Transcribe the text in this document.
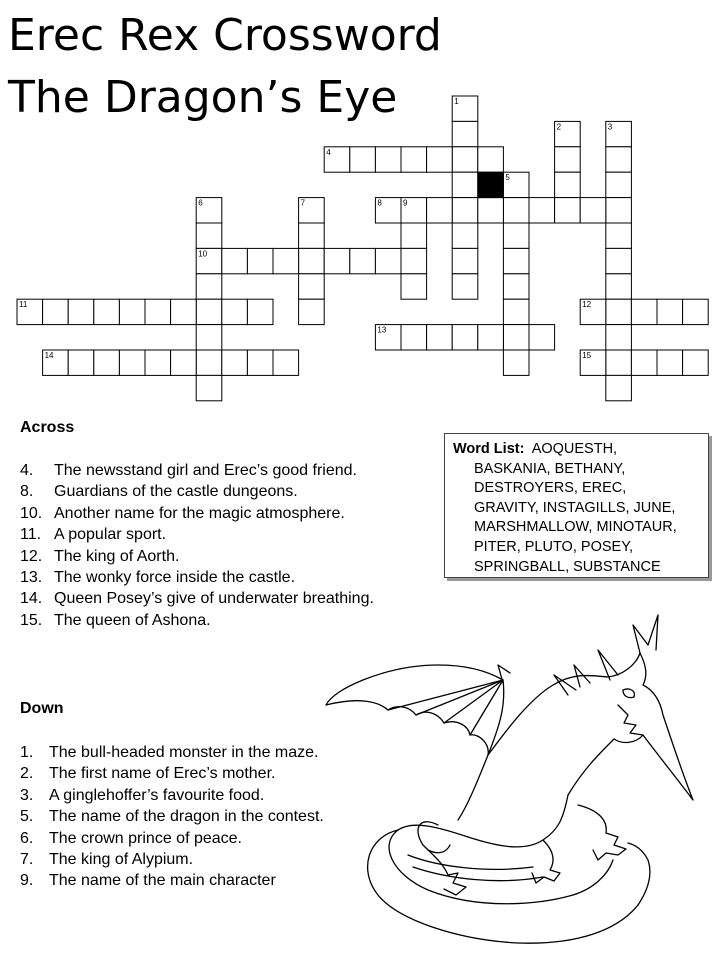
Erec Rex Crossword
The Dragon’s Eye	1
2	3
4
5
6	7	8	9
10
11	12
13
14	15
Across
4. The newsstand girl and Erec’s good friend.
8. Guardians of the castle dungeons.
10. Another name for the magic atmosphere.
11. A popular sport.
12. The king of Aorth.
13. The wonky force inside the castle.
14. Queen Posey’s give of underwater breathing.
15. The queen of Ashona.
Down
1. The bull-headed monster in the maze.
2. The first name of Erec’s mother.
3. A ginglehoffer’s favourite food.
5. The name of the dragon in the contest.
6. The crown prince of peace.
7. The king of Alypium.
9. The name of the main character
Word List: AOQUESTH,
BASKANIA, BETHANY,
DESTROYERS, EREC,
GRAVITY, INSTAGILLS, JUNE,
MARSHMALLOW, MINOTAUR,
PITER, PLUTO, POSEY,
SPRINGBALL, SUBSTANCE
